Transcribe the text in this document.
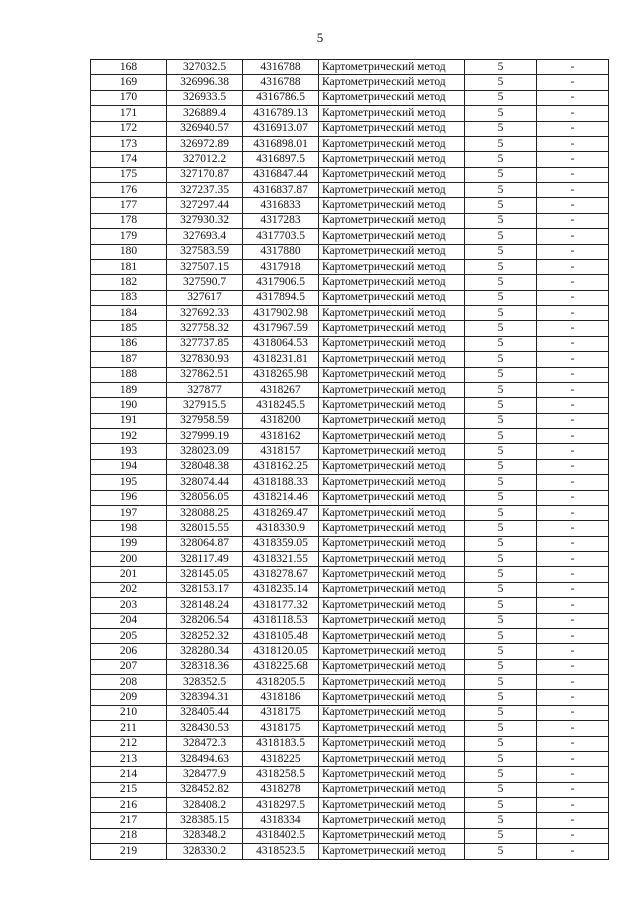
5
168	327032.5	4316788	Картометрический метод	5	-
169	326996.38	4316788	Картометрический метод	5	-
170	326933.5	4316786.5	Картометрический метод	5	-
171	326889.4	4316789.13	Картометрический метод	5	-
172	326940.57	4316913.07	Картометрический метод	5	-
173	326972.89	4316898.01	Картометрический метод	5	-
174	327012.2	4316897.5	Картометрический метод	5	-
175	327170.87	4316847.44	Картометрический метод	5	-
176	327237.35	4316837.87	Картометрический метод	5	-
177	327297.44	4316833	Картометрический метод	5	-
178	327930.32	4317283	Картометрический метод	5	-
179	327693.4	4317703.5	Картометрический метод	5	-
180	327583.59	4317880	Картометрический метод	5	-
181	327507.15	4317918	Картометрический метод	5	-
182	327590.7	4317906.5	Картометрический метод	5	-
183	327617	4317894.5	Картометрический метод	5	-
184	327692.33	4317902.98	Картометрический метод	5	-
185	327758.32	4317967.59	Картометрический метод	5	-
186	327737.85	4318064.53	Картометрический метод	5	-
187	327830.93	4318231.81	Картометрический метод	5	-
188	327862.51	4318265.98	Картометрический метод	5	-
189	327877	4318267	Картометрический метод	5	-
190	327915.5	4318245.5	Картометрический метод	5	-
191	327958.59	4318200	Картометрический метод	5	-
192	327999.19	4318162	Картометрический метод	5	-
193	328023.09	4318157	Картометрический метод	5	-
194	328048.38	4318162.25	Картометрический метод	5	-
195	328074.44	4318188.33	Картометрический метод	5	-
196	328056.05	4318214.46	Картометрический метод	5	-
197	328088.25	4318269.47	Картометрический метод	5	-
198	328015.55	4318330.9	Картометрический метод	5	-
199	328064.87	4318359.05	Картометрический метод	5	-
200	328117.49	4318321.55	Картометрический метод	5	-
201	328145.05	4318278.67	Картометрический метод	5	-
202	328153.17	4318235.14	Картометрический метод	5	-
203	328148.24	4318177.32	Картометрический метод	5	-
204	328206.54	4318118.53	Картометрический метод	5	-
205	328252.32	4318105.48	Картометрический метод	5	-
206	328280.34	4318120.05	Картометрический метод	5	-
207	328318.36	4318225.68	Картометрический метод	5	-
208	328352.5	4318205.5	Картометрический метод	5	-
209	328394.31	4318186	Картометрический метод	5	-
210	328405.44	4318175	Картометрический метод	5	-
211	328430.53	4318175	Картометрический метод	5	-
212	328472.3	4318183.5	Картометрический метод	5	-
213	328494.63	4318225	Картометрический метод	5	-
214	328477.9	4318258.5	Картометрический метод	5	-
215	328452.82	4318278	Картометрический метод	5	-
216	328408.2	4318297.5	Картометрический метод	5	-
217	328385.15	4318334	Картометрический метод	5	-
218	328348.2	4318402.5	Картометрический метод	5	-
219	328330.2	4318523.5	Картометрический метод	5	-
